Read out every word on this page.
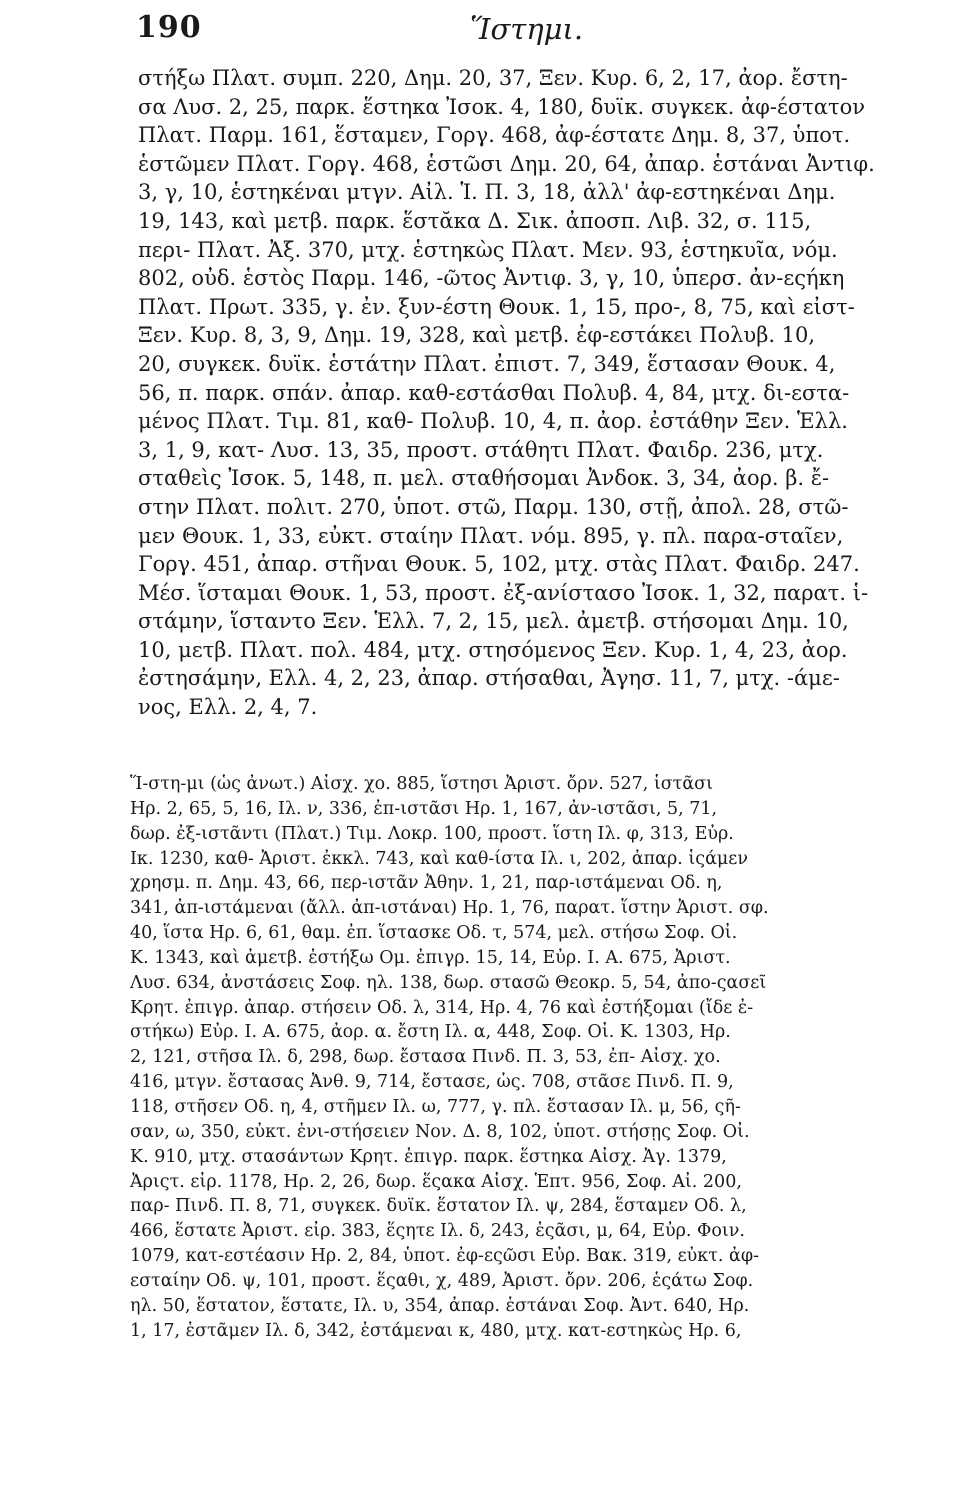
190	Ἵστημι.
στήξω Πλατ. συμπ. 220, Δημ. 20, 37, Ξεν. Κυρ. 6, 2, 17, ἀορ. ἔστη-
σα Λυσ. 2, 25, παρκ. ἕστηκα Ἰσοκ. 4, 180, δυϊκ. συγκεκ. ἀφ-έστατον
Πλατ. Παρμ. 161, ἕσταμεν, Γοργ. 468, ἀφ-έστατε Δημ. 8, 37, ὑποτ.
ἑστῶμεν Πλατ. Γοργ. 468, ἑστῶσι Δημ. 20, 64, ἀπαρ. ἑστάναι Ἀντιφ.
3, γ, 10, ἑστηκέναι μτγν. Αἰλ. Ἱ. Π. 3, 18, ἀλλ' ἀφ-εστηκέναι Δημ.
19, 143, καὶ μετβ. παρκ. ἕστᾰκα Δ. Σικ. ἀποσπ. Λιβ. 32, σ. 115,
περι- Πλατ. Ἀξ. 370, μτχ. ἑστηκὼς Πλατ. Μεν. 93, ἑστηκυῖα, νόμ.
802, οὐδ. ἑστὸς Παρμ. 146, -ῶτος Ἀντιφ. 3, γ, 10, ὑπερσ. ἀν-εςήκη
Πλατ. Πρωτ. 335, γ. ἐν. ξυν-έστη Θουκ. 1, 15, προ-, 8, 75, καὶ εἰστ-
Ξεν. Κυρ. 8, 3, 9, Δημ. 19, 328, καὶ μετβ. ἐφ-εστάκει Πολυβ. 10,
20, συγκεκ. δυϊκ. ἑστάτην Πλατ. ἐπιστ. 7, 349, ἕστασαν Θουκ. 4,
56, π. παρκ. σπάν. ἀπαρ. καθ-εστάσθαι Πολυβ. 4, 84, μτχ. δι-εστα-
μένος Πλατ. Τιμ. 81, καθ- Πολυβ. 10, 4, π. ἀορ. ἐστάθην Ξεν. Ἑλλ.
3, 1, 9, κατ- Λυσ. 13, 35, προστ. στάθητι Πλατ. Φαιδρ. 236, μτχ.
σταθεὶς Ἰσοκ. 5, 148, π. μελ. σταθήσομαι Ἀνδοκ. 3, 34, ἀορ. β. ἔ-
στην Πλατ. πολιτ. 270, ὑποτ. στῶ, Παρμ. 130, στῇ, ἀπολ. 28, στῶ-
μεν Θουκ. 1, 33, εὐκτ. σταίην Πλατ. νόμ. 895, γ. πλ. παρα-σταῖεν,
Γοργ. 451, ἀπαρ. στῆναι Θουκ. 5, 102, μτχ. στὰς Πλατ. Φαιδρ. 247.
Μέσ. ἵσταμαι Θουκ. 1, 53, προστ. ἐξ-ανίστασο Ἰσοκ. 1, 32, παρατ. ἱ-
στάμην, ἵσταντο Ξεν. Ἑλλ. 7, 2, 15, μελ. ἀμετβ. στήσομαι Δημ. 10,
10, μετβ. Πλατ. πολ. 484, μτχ. στησόμενος Ξεν. Κυρ. 1, 4, 23, ἀορ.
ἐστησάμην, Ελλ. 4, 2, 23, ἀπαρ. στήσαθαι, Ἀγησ. 11, 7, μτχ. -άμε-
νος, Ελλ. 2, 4, 7.
Ἵ-στη-μι (ὡς ἀνωτ.) Αἰσχ. χο. 885, ἵστησι Ἀριστ. ὄρν. 527, ἱστᾶσι
Ηρ. 2, 65, 5, 16, Ιλ. ν, 336, ἐπ-ιστᾶσι Ηρ. 1, 167, ἀν-ιστᾶσι, 5, 71,
δωρ. ἐξ-ιστᾶντι (Πλατ.) Τιμ. Λοκρ. 100, προστ. ἵστη Ιλ. φ, 313, Εὐρ.
Ικ. 1230, καθ- Ἀριστ. ἐκκλ. 743, καὶ καθ-ίστα Ιλ. ι, 202, ἀπαρ. ἱςάμεν
χρησμ. π. Δημ. 43, 66, περ-ιστᾶν Ἀθην. 1, 21, παρ-ιστάμεναι Οδ. η,
341, ἀπ-ιστάμεναι (ἄλλ. ἀπ-ιστάναι) Ηρ. 1, 76, παρατ. ἵστην Ἀριστ. σφ.
40, ἵστα Ηρ. 6, 61, θαμ. ἐπ. ἵστασκε Οδ. τ, 574, μελ. στήσω Σοφ. Οἰ.
Κ. 1343, καὶ ἀμετβ. ἐστήξω Ομ. ἐπιγρ. 15, 14, Εὐρ. Ι. Α. 675, Ἀριστ.
Λυσ. 634, ἀνστάσεις Σοφ. ηλ. 138, δωρ. στασῶ Θεοκρ. 5, 54, ἀπο-ςασεῖ
Κρητ. ἐπιγρ. ἀπαρ. στήσειν Οδ. λ, 314, Ηρ. 4, 76 καὶ ἐστήξομαι (ἴδε ἐ-
στήκω) Εὐρ. Ι. Α. 675, ἀορ. α. ἔστη Ιλ. α, 448, Σοφ. Οἰ. Κ. 1303, Ηρ.
2, 121, στῆσα Ιλ. δ, 298, δωρ. ἔστασα Πινδ. Π. 3, 53, ἐπ- Αἰσχ. χο.
416, μτγν. ἔστασας Ἀνθ. 9, 714, ἔστασε, ὡς. 708, στᾶσε Πινδ. Π. 9,
118, στῆσεν Οδ. η, 4, στῆμεν Ιλ. ω, 777, γ. πλ. ἔστασαν Ιλ. μ, 56, ςῆ-
σαν, ω, 350, εὐκτ. ἐνι-στήσειεν Νον. Δ. 8, 102, ὑποτ. στήσῃς Σοφ. Οἰ.
Κ. 910, μτχ. στασάντων Κρητ. ἐπιγρ. παρκ. ἕστηκα Αἰσχ. Ἀγ. 1379,
Ἀριςτ. εἰρ. 1178, Ηρ. 2, 26, δωρ. ἕςακα Αἰσχ. Ἑπτ. 956, Σοφ. Αἰ. 200,
παρ- Πινδ. Π. 8, 71, συγκεκ. δυϊκ. ἕστατον Ιλ. ψ, 284, ἕσταμεν Οδ. λ,
466, ἕστατε Ἀριστ. εἰρ. 383, ἕςητε Ιλ. δ, 243, ἑςᾶσι, μ, 64, Εὐρ. Φοιν.
1079, κατ-εστέασιν Ηρ. 2, 84, ὑποτ. ἐφ-εςῶσι Εὐρ. Βακ. 319, εὐκτ. ἀφ-
εσταίην Οδ. ψ, 101, προστ. ἕςαθι, χ, 489, Ἀριστ. ὄρν. 206, ἑςάτω Σοφ.
ηλ. 50, ἕστατον, ἕστατε, Ιλ. υ, 354, ἀπαρ. ἑστάναι Σοφ. Ἀντ. 640, Ηρ.
1, 17, ἑστᾶμεν Ιλ. δ, 342, ἑστάμεναι κ, 480, μτχ. κατ-εστηκὼς Ηρ. 6,
